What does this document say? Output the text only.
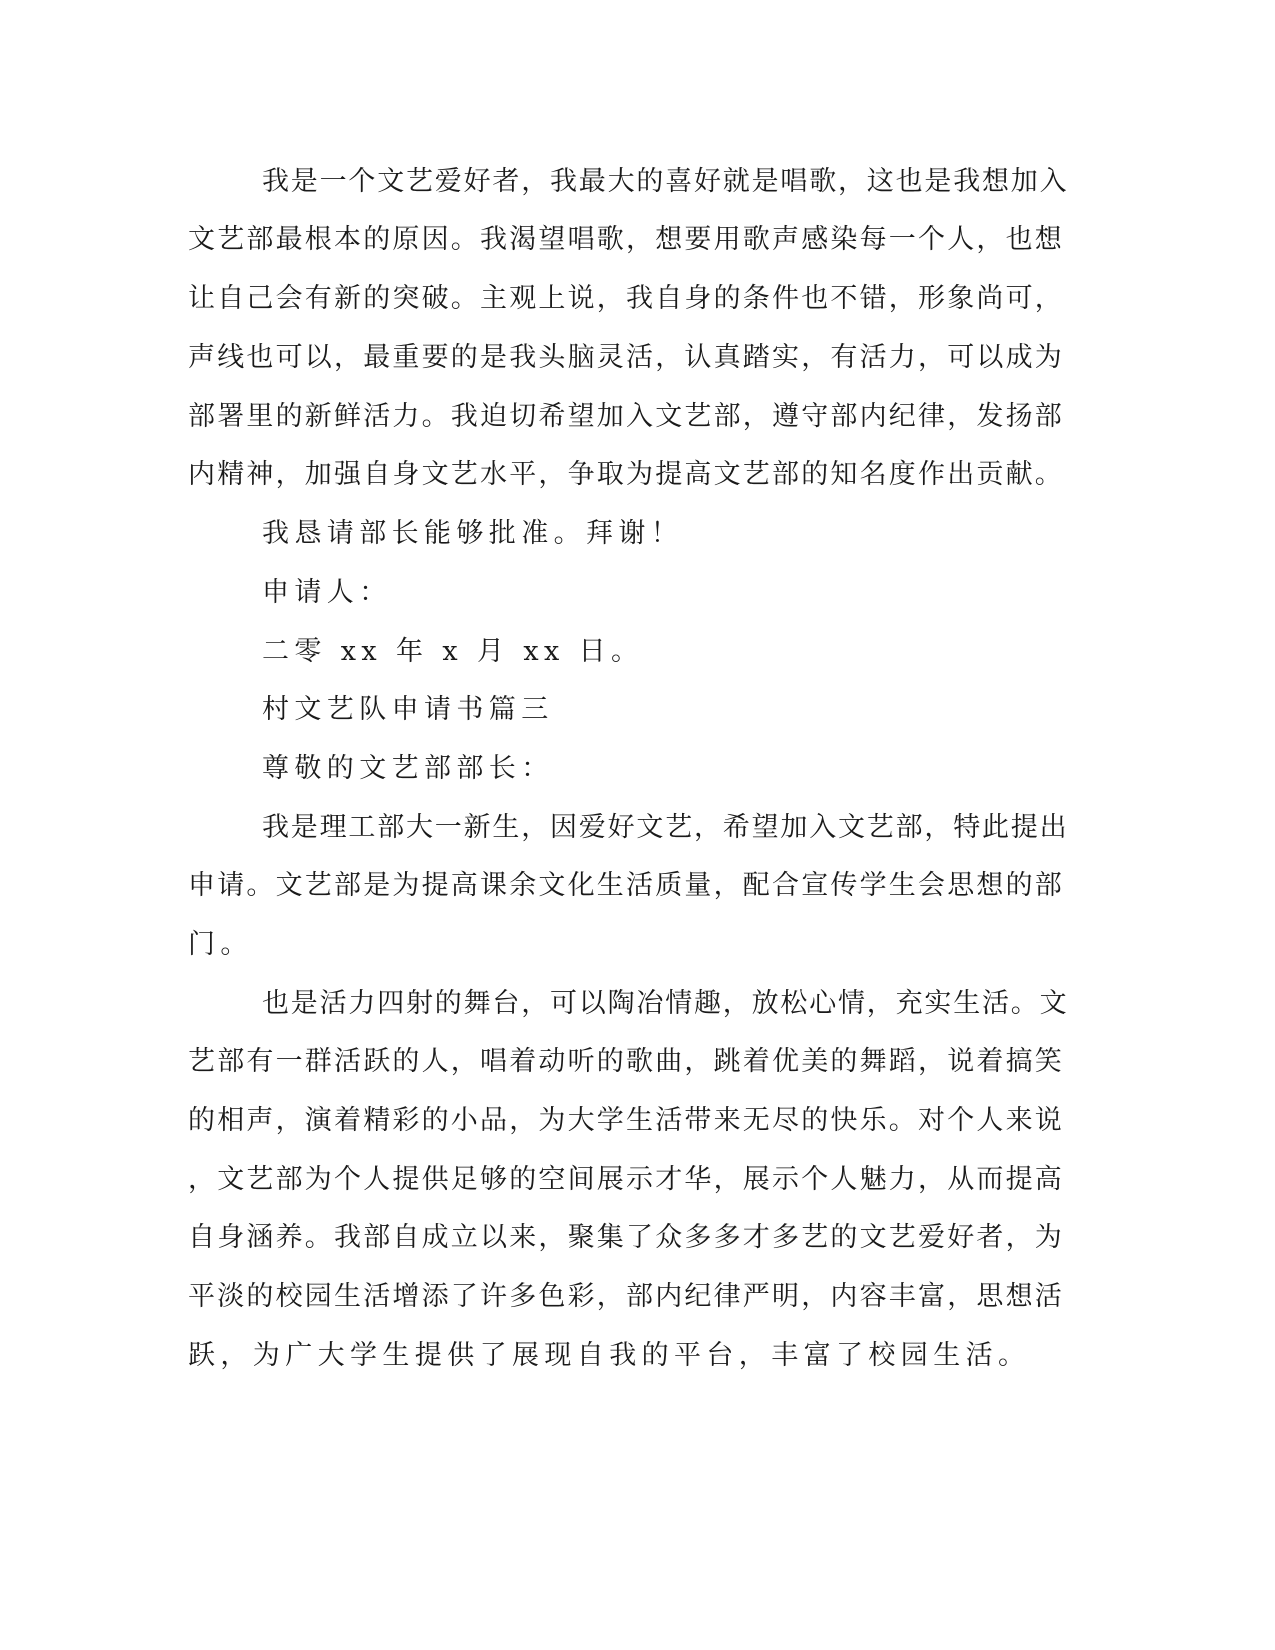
我是一个文艺爱好者，我最大的喜好就是唱歌，这也是我想加入
文艺部最根本的原因。我渴望唱歌，想要用歌声感染每一个人，也想
让自己会有新的突破。主观上说，我自身的条件也不错，形象尚可，
声线也可以，最重要的是我头脑灵活，认真踏实，有活力，可以成为
部署里的新鲜活力。我迫切希望加入文艺部，遵守部内纪律，发扬部
内精神，加强自身文艺水平，争取为提高文艺部的知名度作出贡献。
我恳请部长能够批准。拜谢！
申请人：
二零 xx 年 x 月 xx 日。
村文艺队申请书篇三
尊敬的文艺部部长：
我是理工部大一新生，因爱好文艺，希望加入文艺部，特此提出
申请。文艺部是为提高课余文化生活质量，配合宣传学生会思想的部
门。
也是活力四射的舞台，可以陶冶情趣，放松心情，充实生活。文
艺部有一群活跃的人，唱着动听的歌曲，跳着优美的舞蹈，说着搞笑
的相声，演着精彩的小品，为大学生活带来无尽的快乐。对个人来说
，文艺部为个人提供足够的空间展示才华，展示个人魅力，从而提高
自身涵养。我部自成立以来，聚集了众多多才多艺的文艺爱好者，为
平淡的校园生活增添了许多色彩，部内纪律严明，内容丰富，思想活
跃，为广大学生提供了展现自我的平台，丰富了校园生活。
